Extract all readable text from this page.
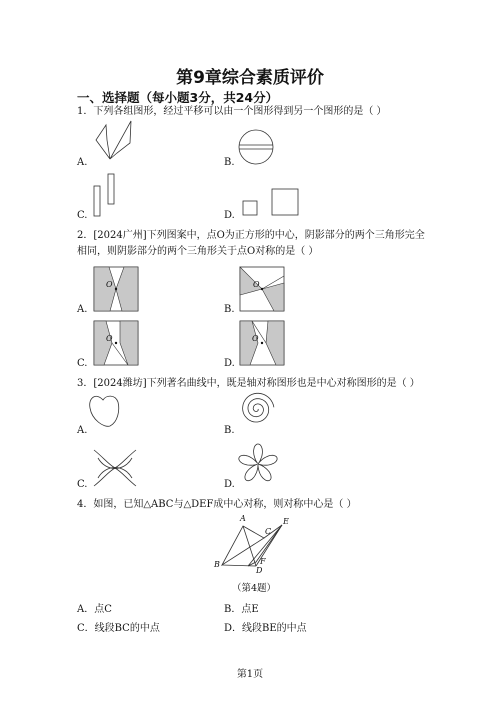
第9章综合素质评价
一、选择题（每小题3分，共24分）
1．下列各组图形，经过平移可以由一个图形得到另一个图形的是（ ）
A.	B.
C.	D.
2．[2024广州]下列图案中，点O为正方形的中心，阴影部分的两个三角形完全
相同，则阴影部分的两个三角形关于点O对称的是（ ）
O
A.
O
B.
O
C.
O
D.
3．[2024潍坊]下列著名曲线中，既是轴对称图形也是中心对称图形的是（ ）
A.	B.
C.	D.
4．如图，已知△ABC与△DEF成中心对称，则对称中心是（ ）
A
C
E
B	F
D
（第4题）
A．点C	B．点E
C．线段BC的中点	D．线段BE的中点
第1页
